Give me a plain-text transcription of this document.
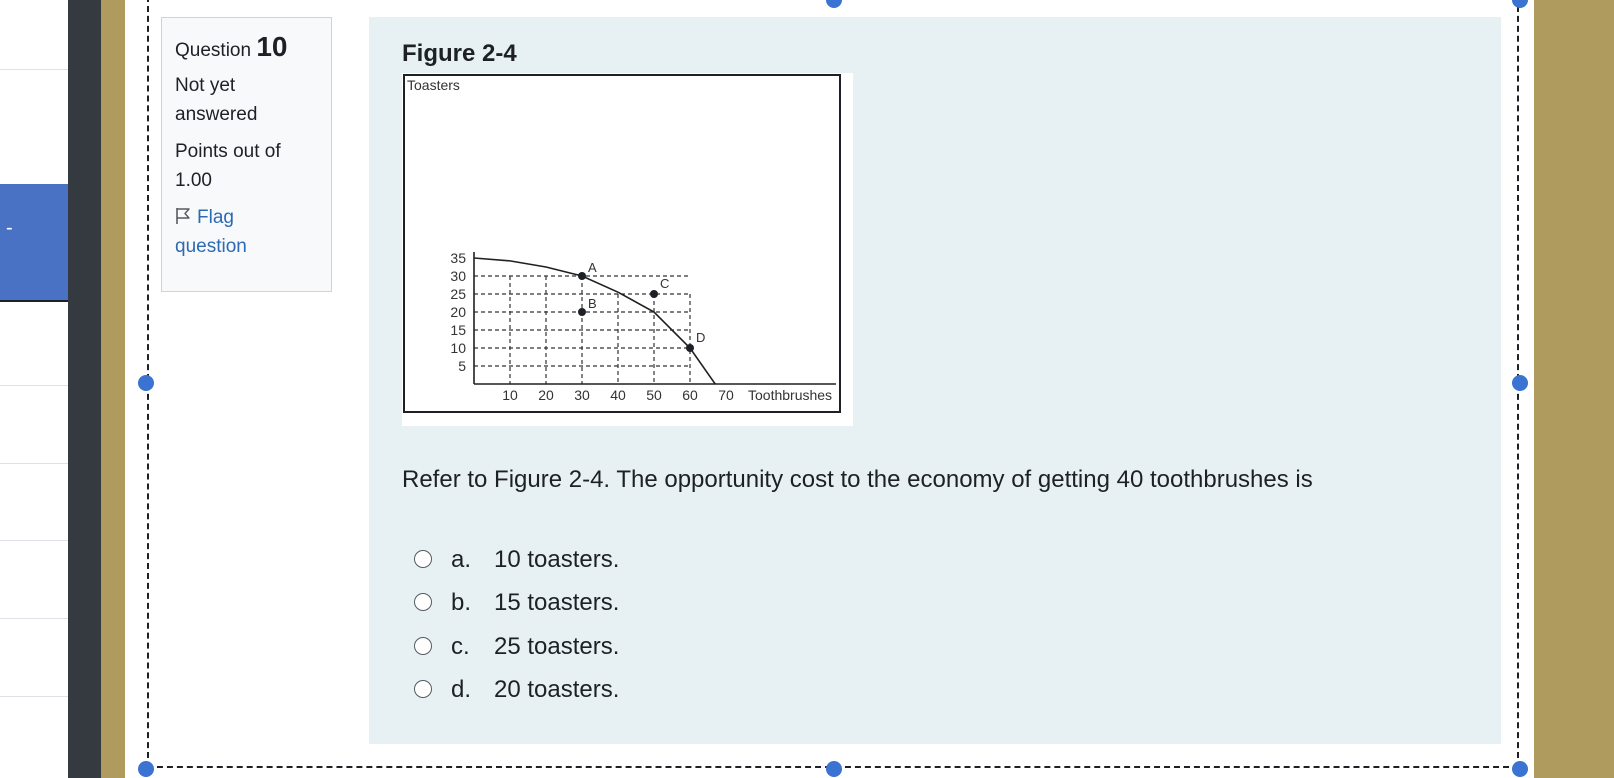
-
Question 10
Not yet
answered
Points out of
1.00
Flag
question
Figure 2-4
Toasters
Toothbrushes
5
10
15
20
25
30
35
10 20 30 40 50 60 70
A
B
C
D
Refer to Figure 2-4. The opportunity cost to the economy of getting 40 toothbrushes is
a. 10 toasters.
b. 15 toasters.
c. 25 toasters.
d. 20 toasters.
